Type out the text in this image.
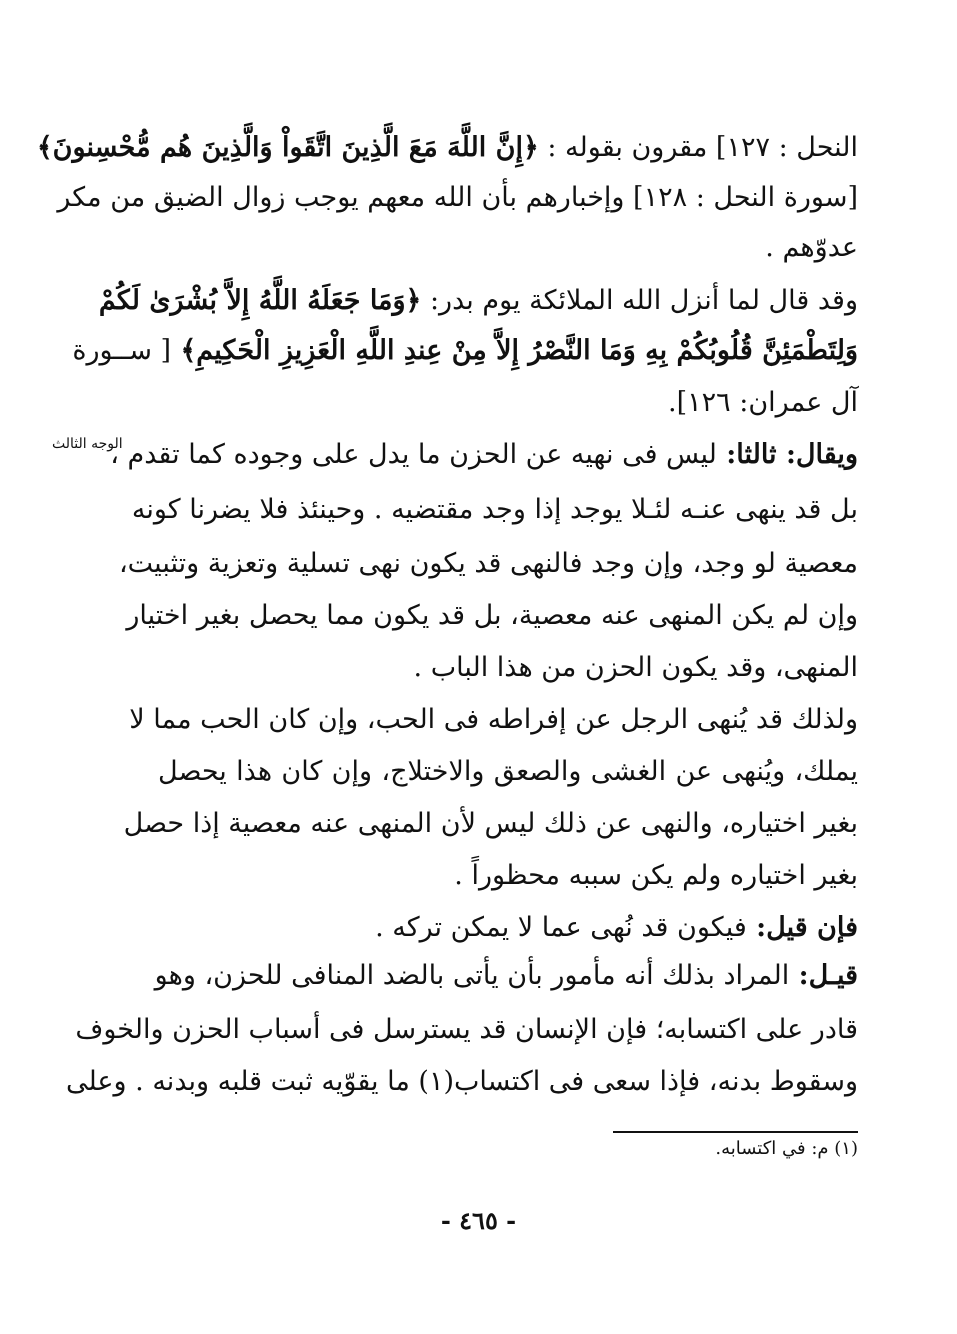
النحل : ١٢٧] مقرون بقوله : ﴿إِنَّ اللَّهَ مَعَ الَّذِينَ اتَّقَواْ وَالَّذِينَ هُم مُّحْسِنونَ﴾
[سورة النحل : ١٢٨] وإخبارهم بأن الله معهم يوجب زوال الضيق من مكر
عدوّهم .
وقد قال لما أنزل الله الملائكة يوم بدر: ﴿وَمَا جَعَلَهُ اللَّهُ إِلاَّ بُشْرَىٰ لَكُمْ
وَلِتَطْمَئِنَّ قُلُوبُكُمْ بِهِ وَمَا النَّصْرُ إِلاَّ مِنْ عِندِ اللَّهِ الْعَزِيزِ الْحَكِيمِ﴾ [ ســورة
آل عمران: ١٢٦].
ويقال: ثالثا: ليس فى نهيه عن الحزن ما يدل على وجوده كما تقدم ،
بل قد ينهى عنـه لئـلا يوجد إذا وجد مقتضيه . وحينئذ فلا يضرنا كونه
معصية لو وجد، وإن وجد فالنهى قد يكون نهى تسلية وتعزية وتثبيت،
وإن لم يكن المنهى عنه معصية، بل قد يكون مما يحصل بغير اختيار
المنهى، وقد يكون الحزن من هذا الباب .
ولذلك قد يُنهى الرجل عن إفراطه فى الحب، وإن كان الحب مما لا
يملك، ويُنهى عن الغشى والصعق والاختلاج، وإن كان هذا يحصل
بغير اختياره، والنهى عن ذلك ليس لأن المنهى عنه معصية إذا حصل
بغير اختياره ولم يكن سببه محظوراً .
فإن قيل: فيكون قد نُهى عما لا يمكن تركه .
قيـل: المراد بذلك أنه مأمور بأن يأتى بالضد المنافى للحزن، وهو
قادر على اكتسابه؛ فإن الإنسان قد يسترسل فى أسباب الحزن والخوف
وسقوط بدنه، فإذا سعى فى اكتساب(١) ما يقوّيه ثبت قلبه وبدنه . وعلى
الوجه الثالث
(١) م: في اكتسابه.
- ٤٦٥ -
